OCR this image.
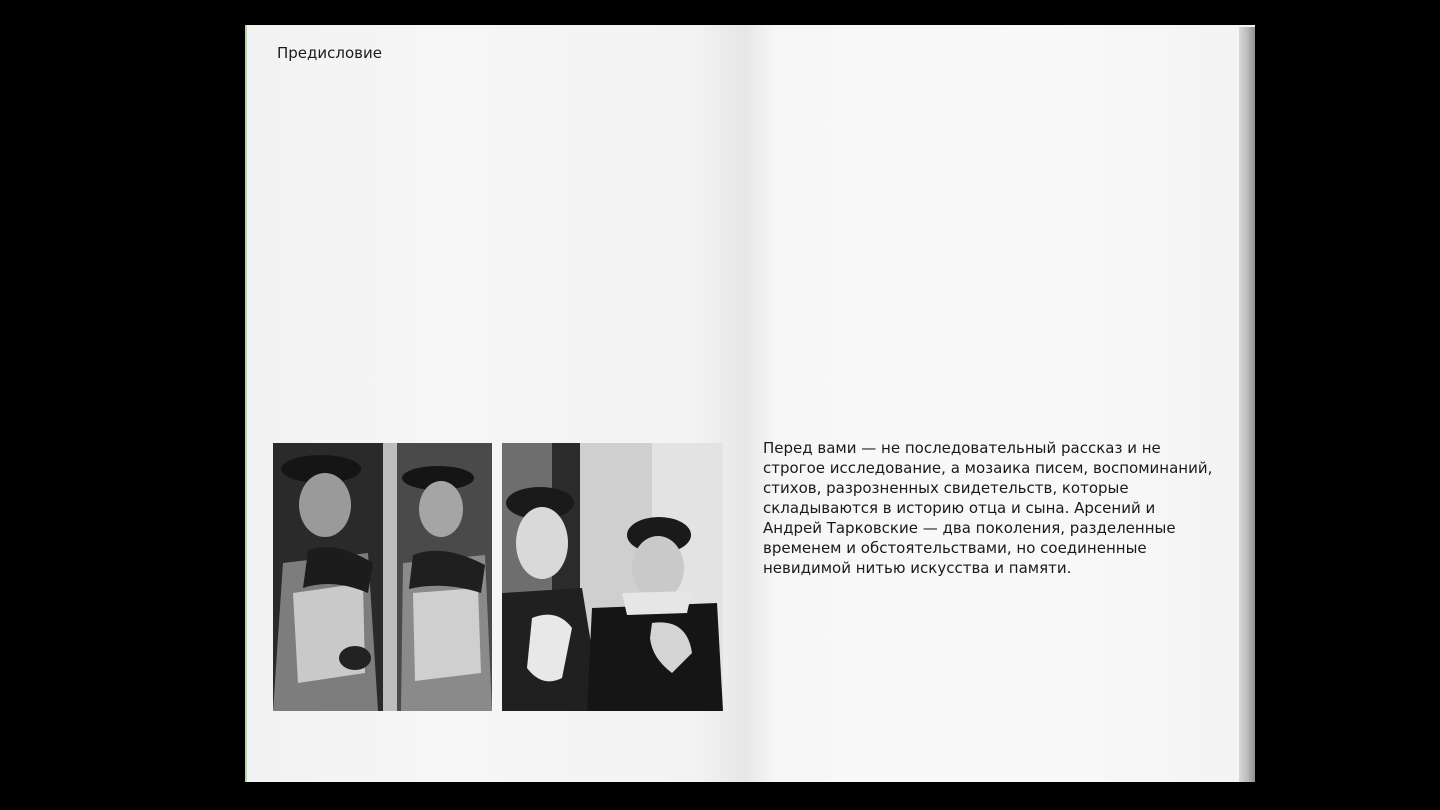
Предисловие

Перед вами — не последовательный рассказ и не строгое исследование, а мозаика писем, воспоминаний, стихов, разрозненных свидетельств, которые складываются в историю отца и сына. Арсений и Андрей Тарковские — два поколения, разделенные временем и обстоятельствами, но соединенные невидимой нитью искусства и памяти.
